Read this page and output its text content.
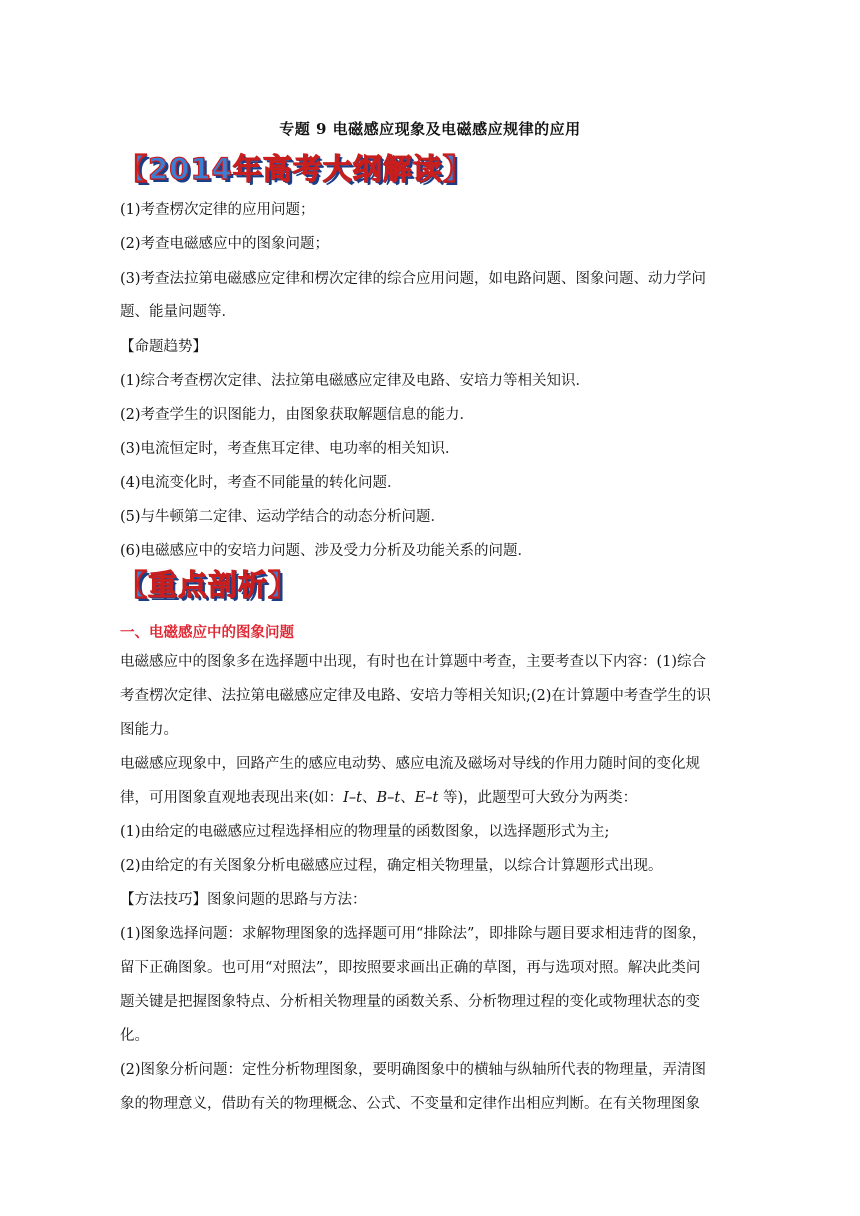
专题 9 电磁感应现象及电磁感应规律的应用
【2014年高考大纲解读】
(1)考查楞次定律的应用问题；
(2)考查电磁感应中的图象问题；
(3)考查法拉第电磁感应定律和楞次定律的综合应用问题，如电路问题、图象问题、动力学问
题、能量问题等．
【命题趋势】
(1)综合考查楞次定律、法拉第电磁感应定律及电路、安培力等相关知识．
(2)考查学生的识图能力，由图象获取解题信息的能力．
(3)电流恒定时，考查焦耳定律、电功率的相关知识．
(4)电流变化时，考查不同能量的转化问题．
(5)与牛顿第二定律、运动学结合的动态分析问题．
(6)电磁感应中的安培力问题、涉及受力分析及功能关系的问题．
【重点剖析】
一、电磁感应中的图象问题
电磁感应中的图象多在选择题中出现，有时也在计算题中考查，主要考查以下内容：(1)综合
考查楞次定律、法拉第电磁感应定律及电路、安培力等相关知识;(2)在计算题中考查学生的识
图能力。
电磁感应现象中，回路产生的感应电动势、感应电流及磁场对导线的作用力随时间的变化规
律，可用图象直观地表现出来(如：I–t、B–t、E–t 等)，此题型可大致分为两类：
(1)由给定的电磁感应过程选择相应的物理量的函数图象，以选择题形式为主;
(2)由给定的有关图象分析电磁感应过程，确定相关物理量，以综合计算题形式出现。
【方法技巧】图象问题的思路与方法：
(1)图象选择问题：求解物理图象的选择题可用“排除法”，即排除与题目要求相违背的图象，
留下正确图象。也可用“对照法”，即按照要求画出正确的草图，再与选项对照。解决此类问
题关键是把握图象特点、分析相关物理量的函数关系、分析物理过程的变化或物理状态的变
化。
(2)图象分析问题：定性分析物理图象，要明确图象中的横轴与纵轴所代表的物理量，弄清图
象的物理意义，借助有关的物理概念、公式、不变量和定律作出相应判断。在有关物理图象
